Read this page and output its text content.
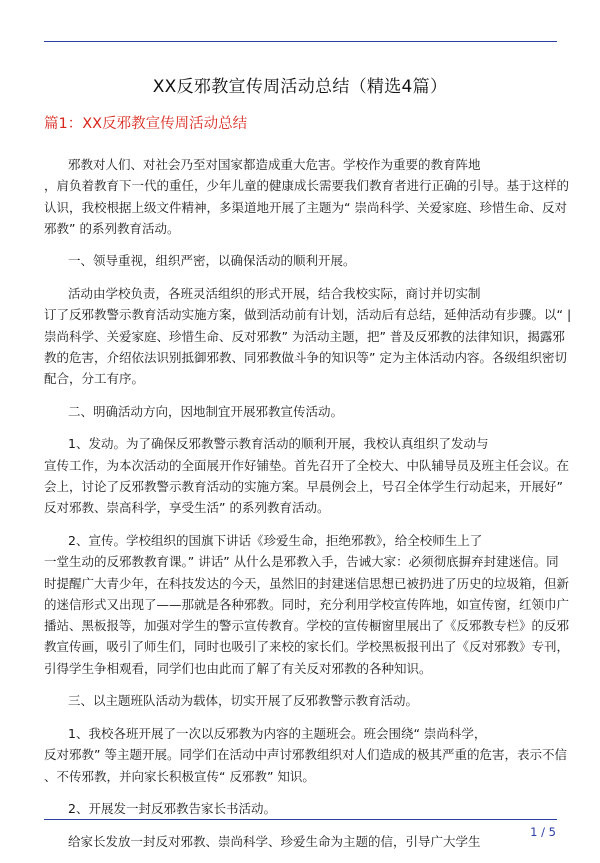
XX反邪教宣传周活动总结（精选4篇）
篇1：XX反邪教宣传周活动总结
邪教对人们、对社会乃至对国家都造成重大危害。学校作为重要的教育阵地
，肩负着教育下一代的重任，少年儿童的健康成长需要我们教育者进行正确的引导。基于这样的
认识，我校根据上级文件精神，多渠道地开展了主题为“ 崇尚科学、关爱家庭、珍惜生命、反对
邪教” 的系列教育活动。
一、领导重视，组织严密，以确保活动的顺利开展。
活动由学校负责，各班灵活组织的形式开展，结合我校实际，商讨并切实制
订了反邪教警示教育活动实施方案，做到活动前有计划，活动后有总结，延伸活动有步骤。以“ |
崇尚科学、关爱家庭、珍惜生命、反对邪教” 为活动主题，把” 普及反邪教的法律知识，揭露邪
教的危害，介绍依法识别抵御邪教、同邪教做斗争的知识等” 定为主体活动内容。各级组织密切
配合，分工有序。
二、明确活动方向，因地制宜开展邪教宣传活动。
1、发动。为了确保反邪教警示教育活动的顺利开展，我校认真组织了发动与
宣传工作，为本次活动的全面展开作好铺垫。首先召开了全校大、中队辅导员及班主任会议。在
会上，讨论了反邪教警示教育活动的实施方案。早晨例会上，号召全体学生行动起来，开展好”
反对邪教、崇高科学，享受生活” 的系列教育活动。
2、宣传。学校组织的国旗下讲话《珍爱生命，拒绝邪教》，给全校师生上了
一堂生动的反邪教教育课。” 讲话” 从什么是邪教入手，告诫大家：必须彻底摒弃封建迷信。同
时提醒广大青少年，在科技发达的今天，虽然旧的封建迷信思想已被扔进了历史的垃圾箱，但新
的迷信形式又出现了——那就是各种邪教。同时，充分利用学校宣传阵地，如宣传窗，红领巾广
播站、黑板报等，加强对学生的警示宣传教育。学校的宣传橱窗里展出了《反邪教专栏》的反邪
教宣传画，吸引了师生们，同时也吸引了来校的家长们。学校黑板报刊出了《反对邪教》专刊，
引得学生争相观看，同学们也由此而了解了有关反对邪教的各种知识。
三、以主题班队活动为载体，切实开展了反邪教警示教育活动。
1、我校各班开展了一次以反邪教为内容的主题班会。班会围绕“ 崇尚科学，
反对邪教” 等主题开展。同学们在活动中声讨邪教组织对人们造成的极其严重的危害，表示不信
、不传邪教，并向家长积极宣传“ 反邪教” 知识。
2、开展发一封反邪教告家长书活动。
给家长发放一封反对邪教、崇尚科学、珍爱生命为主题的信，引导广大学生
1 / 5
